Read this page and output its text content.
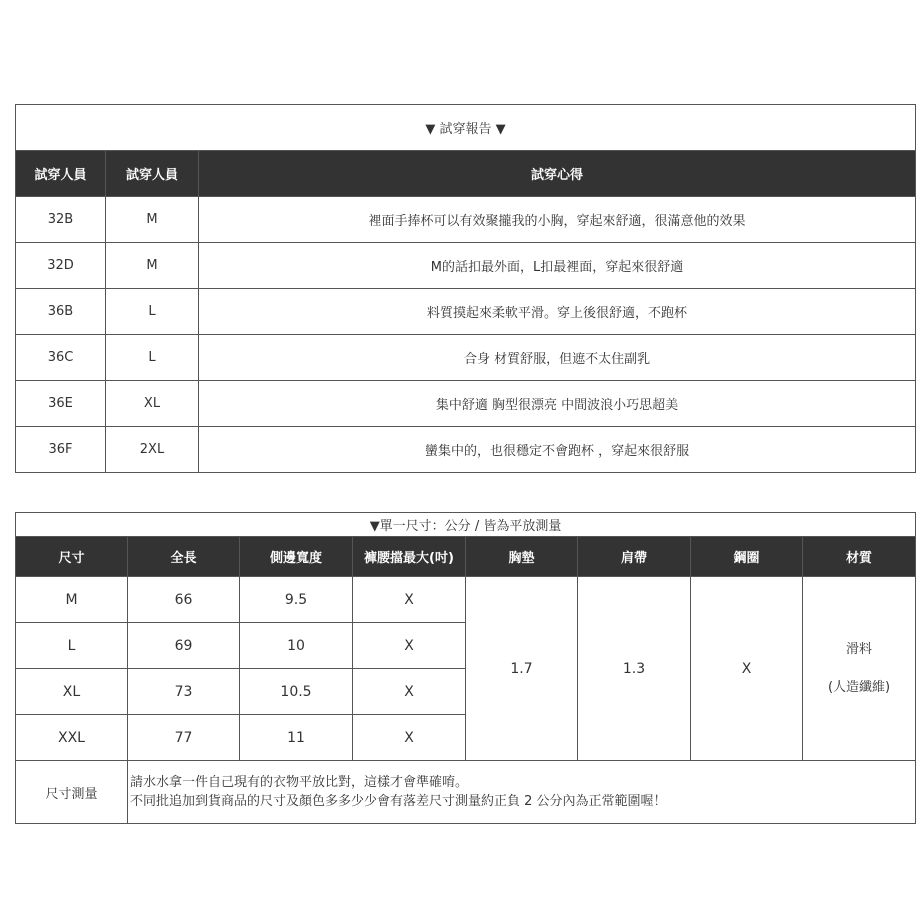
▼ 試穿報告 ▼		
試穿人員	試穿人員	試穿心得
32B	M	裡面手捧杯可以有效聚攏我的小胸，穿起來舒適，很滿意他的效果
32D	M	M的話扣最外面，L扣最裡面，穿起來很舒適
36B	L	料質摸起來柔軟平滑。穿上後很舒適，不跑杯
36C	L	合身 材質舒服，但遮不太住副乳
36E	XL	集中舒適 胸型很漂亮 中間波浪小巧思超美
36F	2XL	蠻集中的，也很穩定不會跑杯 ，穿起來很舒服
▼單一尺寸：公分 / 皆為平放測量							
尺寸	全長	側邊寬度	褲腰擋最大(吋)	胸墊	肩帶	鋼圈	材質
M	66	9.5	X	1.7	1.3	X	滑料
(人造纖維)

L	69	10	X				
XL	73	10.5	X				
XXL	77	11	X				
尺寸測量	請水水拿一件自己現有的衣物平放比對，這樣才會準確唷。
不同批追加到貨商品的尺寸及顏色多多少少會有落差尺寸測量約正負 2 公分內為正常範圍喔！						
